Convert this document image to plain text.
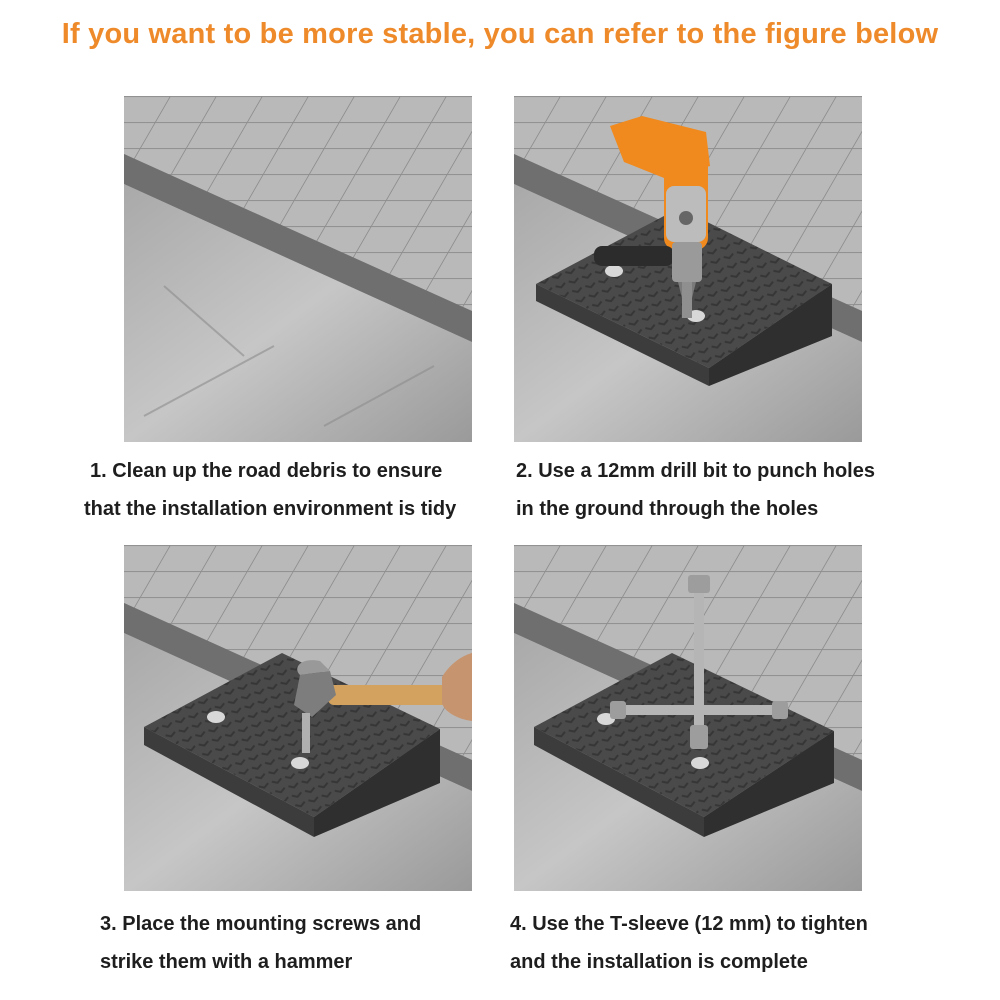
If you want to be more stable, you can refer to the figure below
1. Clean up the road debris to ensure
that the installation environment is tidy
2. Use a 12mm drill bit to punch holes
in the ground through the holes
3. Place the mounting screws and
strike them with a hammer
4. Use the T-sleeve (12 mm) to tighten
and the installation is complete
